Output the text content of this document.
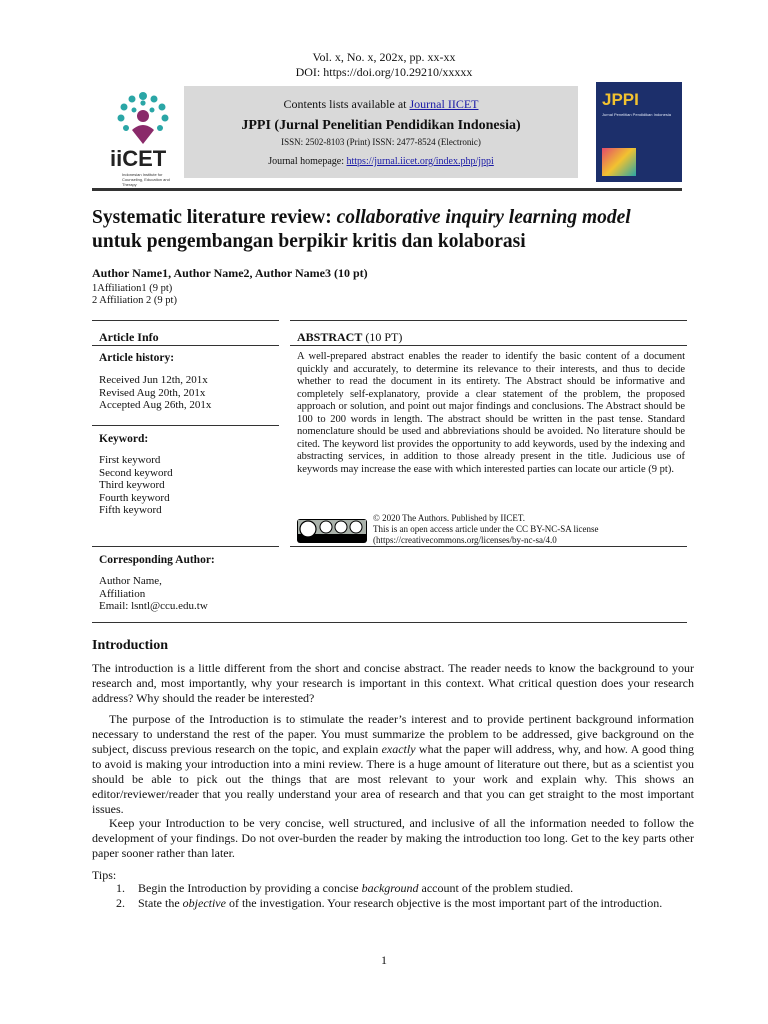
Vol. x, No. x, 202x, pp. xx-xx
DOI: https://doi.org/10.29210/xxxxx
iiCET
Indonesian Institute for Counseling, Education and Therapy
Contents lists available at Journal IICET
JPPI (Jurnal Penelitian Pendidikan Indonesia)
ISSN: 2502-8103 (Print) ISSN: 2477-8524 (Electronic)
Journal homepage: https://jurnal.iicet.org/index.php/jppi
JPPI
Jurnal Penelitian Pendidikan Indonesia
Systematic literature review: collaborative inquiry learning model untuk pengembangan berpikir kritis dan kolaborasi
Author Name1, Author Name2, Author Name3 (10 pt)
1Affiliation1 (9 pt)
2 Affiliation 2 (9 pt)
Article Info	ABSTRACT (10 PT)
Article history:
Received Jun 12th, 201x
Revised Aug 20th, 201x
Accepted Aug 26th, 201x
Keyword:
First keyword
Second keyword
Third keyword
Fourth keyword
Fifth keyword
Corresponding Author:
Author Name,
Affiliation
Email: lsntl@ccu.edu.tw
A well-prepared abstract enables the reader to identify the basic content of a document quickly and accurately, to determine its relevance to their interests, and thus to decide whether to read the document in its entirety. The Abstract should be informative and completely self-explanatory, provide a clear statement of the problem, the proposed approach or solution, and point out major findings and conclusions. The Abstract should be 100 to 200 words in length. The abstract should be written in the past tense. Standard nomenclature should be used and abbreviations should be avoided. No literature should be cited. The keyword list provides the opportunity to add keywords, used by the indexing and abstracting services, in addition to those already present in the title. Judicious use of keywords may increase the ease with which interested parties can locate our article (9 pt).
© 2020 The Authors. Published by IICET.
This is an open access article under the CC BY-NC-SA license
(https://creativecommons.org/licenses/by-nc-sa/4.0
Introduction
The introduction is a little different from the short and concise abstract. The reader needs to know the background to your research and, most importantly, why your research is important in this context. What critical question does your research address? Why should the reader be interested?
The purpose of the Introduction is to stimulate the reader’s interest and to provide pertinent background information necessary to understand the rest of the paper. You must summarize the problem to be addressed, give background on the subject, discuss previous research on the topic, and explain exactly what the paper will address, why, and how. A good thing to avoid is making your introduction into a mini review. There is a huge amount of literature out there, but as a scientist you should be able to pick out the things that are most relevant to your work and explain why. This shows an editor/reviewer/reader that you really understand your area of research and that you can get straight to the most important issues.
Keep your Introduction to be very concise, well structured, and inclusive of all the information needed to follow the development of your findings. Do not over-burden the reader by making the introduction too long. Get to the key parts other paper sooner rather than later.
Tips:
1. Begin the Introduction by providing a concise background account of the problem studied.
2. State the objective of the investigation. Your research objective is the most important part of the introduction.
1
